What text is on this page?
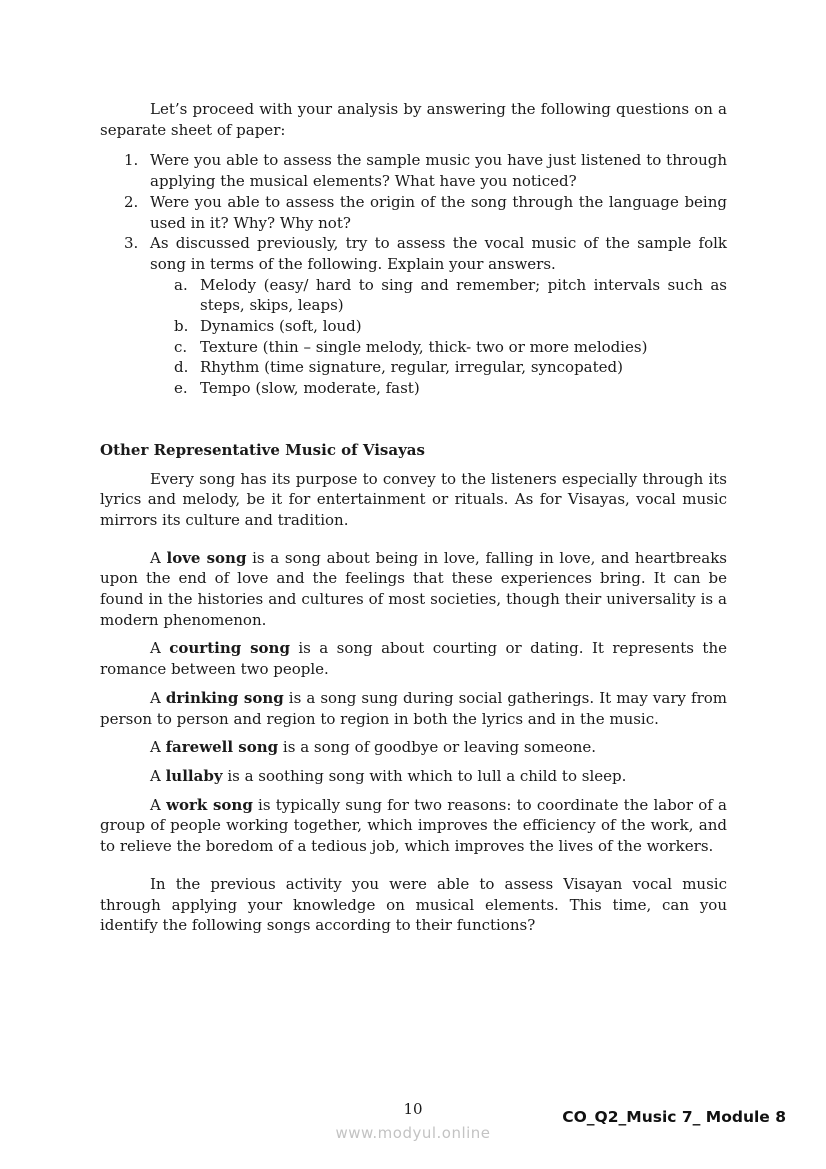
Let’s proceed with your analysis by answering the following questions on a separate sheet of paper:

1. Were you able to assess the sample music you have just listened to through applying the musical elements? What have you noticed?
2. Were you able to assess the origin of the song through the language being used in it? Why? Why not?
3. As discussed previously, try to assess the vocal music of the sample folk song in terms of the following. Explain your answers.
a. Melody (easy/ hard to sing and remember; pitch intervals such as steps, skips, leaps)
b. Dynamics (soft, loud)
c. Texture (thin – single melody, thick- two or more melodies)
d. Rhythm (time signature, regular, irregular, syncopated)
e. Tempo (slow, moderate, fast)
Other Representative Music of Visayas

Every song has its purpose to convey to the listeners especially through its lyrics and melody, be it for entertainment or rituals. As for Visayas, vocal music mirrors its culture and tradition.

A love song is a song about being in love, falling in love, and heartbreaks upon the end of love and the feelings that these experiences bring. It can be found in the histories and cultures of most societies, though their universality is a modern phenomenon.

A courting song is a song about courting or dating. It represents the romance between two people.

A drinking song is a song sung during social gatherings. It may vary from person to person and region to region in both the lyrics and in the music.

A farewell song is a song of goodbye or leaving someone.

A lullaby is a soothing song with which to lull a child to sleep.

A work song is typically sung for two reasons: to coordinate the labor of a group of people working together, which improves the efficiency of the work, and to relieve the boredom of a tedious job, which improves the lives of the workers.

In the previous activity you were able to assess Visayan vocal music through applying your knowledge on musical elements. This time, can you identify the following songs according to their functions?

10
www.modyul.online
CO_Q2_Music 7_ Module 8
